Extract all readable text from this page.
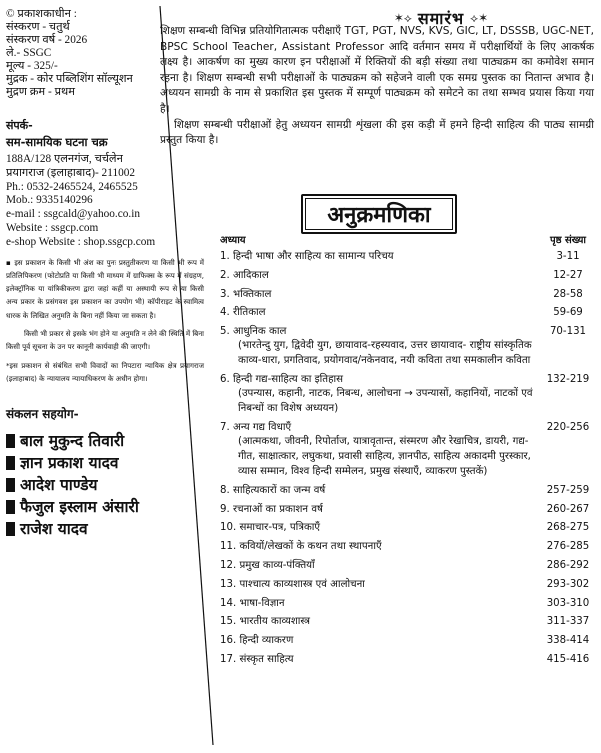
© प्रकाशकाधीन :
संस्करण - चतुर्थ
संस्करण वर्ष - 2026
ले.- SSGC
मूल्य - 325/-
मुद्रक - कोर पब्लिशिंग सॉल्यूशन
मुद्रण क्रम - प्रथम
संपर्क-
सम-सामयिक घटना चक्र
188A/128 एलनगंज, चर्चलेन
प्रयागराज (इलाहाबाद)- 211002
Ph.: 0532-2465524, 2465525
Mob.: 9335140296
e-mail : ssgcald@yahoo.co.in
Website : ssgcp.com
e-shop Website : shop.ssgcp.com

▪ इस प्रकाशन के किसी भी अंश का पुनः प्रस्तुतीकरण या किसी भी रूप में प्रतिलिपिकरण (फोटोप्रति या किसी भी माध्यम में ग्राफिक्स के रूप में संग्रहण, इलेक्ट्रॉनिक या यांत्रिकीकरण द्वारा जहां कहीं या अस्थायी रूप से या किसी अन्य प्रकार के प्रसंगवश इस प्रकाशन का उपयोग भी) कॉपीराइट के स्वामित्व धारक के लिखित अनुमति के बिना नहीं किया जा सकता है।

किसी भी प्रकार से इसके भंग होने या अनुमति न लेने की स्थिति में बिना किसी पूर्व सूचना के उन पर कानूनी कार्यवाही की जाएगी।

*इस प्रकाशन से संबंधित सभी विवादों का निपटारा न्यायिक क्षेत्र प्रयागराज (इलाहाबाद) के न्यायालय न्यायाधिकरण के अधीन होगा।

संकलन सहयोग-
बाल मुकुन्द तिवारी
ज्ञान प्रकाश यादव
आदेश पाण्डेय
फैजुल इस्लाम अंसारी
राजेश यादव
✶⟡ समारंभ ⟡✶

शिक्षण सम्बन्धी विभिन्न प्रतियोगितात्मक परीक्षाएँ TGT, PGT, NVS, KVS, GIC, LT, DSSSB, UGC-NET, BPSC School Teacher, Assistant Professor आदि वर्तमान समय में परीक्षार्थियों के लिए आकर्षक लक्ष्य है। आकर्षण का मुख्य कारण इन परीक्षाओं में रिक्तियों की बड़ी संख्या तथा पाठ्यक्रम का कमोवेश समान रहना है। शिक्षण सम्बन्धी सभी परीक्षाओं के पाठ्यक्रम को सहेजने वाली एक समग्र पुस्तक का नितान्त अभाव है। अध्ययन सामग्री के नाम से प्रकाशित इस पुस्तक में सम्पूर्ण पाठ्यक्रम को समेटने का तथा सम्भव प्रयास किया गया है।

शिक्षण सम्बन्धी परीक्षाओं हेतु अध्ययन सामग्री शृंखला की इस कड़ी में हमने हिन्दी साहित्य की पाठ्य सामग्री प्रस्तुत किया है।

अनुक्रमणिका
अध्याय	पृष्ठ संख्या
1. हिन्दी भाषा और साहित्य का सामान्य परिचय	3-11
2. आदिकाल	12-27
3. भक्तिकाल	28-58
4. रीतिकाल	59-69
5. आधुनिक काल	70-131
(भारतेन्दु युग, द्विवेदी युग, छायावाद-रहस्यवाद, उत्तर छायावाद- राष्ट्रीय सांस्कृतिक काव्य-धारा, प्रगतिवाद, प्रयोगवाद/नकेनवाद, नयी कविता तथा समकालीन कविता
6. हिन्दी गद्य-साहित्य का इतिहास	132-219
(उपन्यास, कहानी, नाटक, निबन्ध, आलोचना → उपन्यासों, कहानियों, नाटकों एवं निबन्धों का विशेष अध्ययन)
7. अन्य गद्य विधाएँ	220-256
(आत्मकथा, जीवनी, रिपोर्ताज, यात्रावृतान्त, संस्मरण और रेखाचित्र, डायरी, गद्य-गीत, साक्षात्कार, लघुकथा, प्रवासी साहित्य, ज्ञानपीठ, साहित्य अकादमी पुरस्कार, व्यास सम्मान, विश्व हिन्दी सम्मेलन, प्रमुख संस्थाएँ, व्याकरण पुस्तकें)
8. साहित्यकारों का जन्म वर्ष	257-259
9. रचनाओं का प्रकाशन वर्ष	260-267
10. समाचार-पत्र, पत्रिकाएँ	268-275
11. कवियों/लेखकों के कथन तथा स्थापनाएँ	276-285
12. प्रमुख काव्य-पंक्तियाँ	286-292
13. पाश्चात्य काव्यशास्त्र एवं आलोचना	293-302
14. भाषा-विज्ञान	303-310
15. भारतीय काव्यशास्त्र	311-337
16. हिन्दी व्याकरण	338-414
17. संस्कृत साहित्य	415-416
